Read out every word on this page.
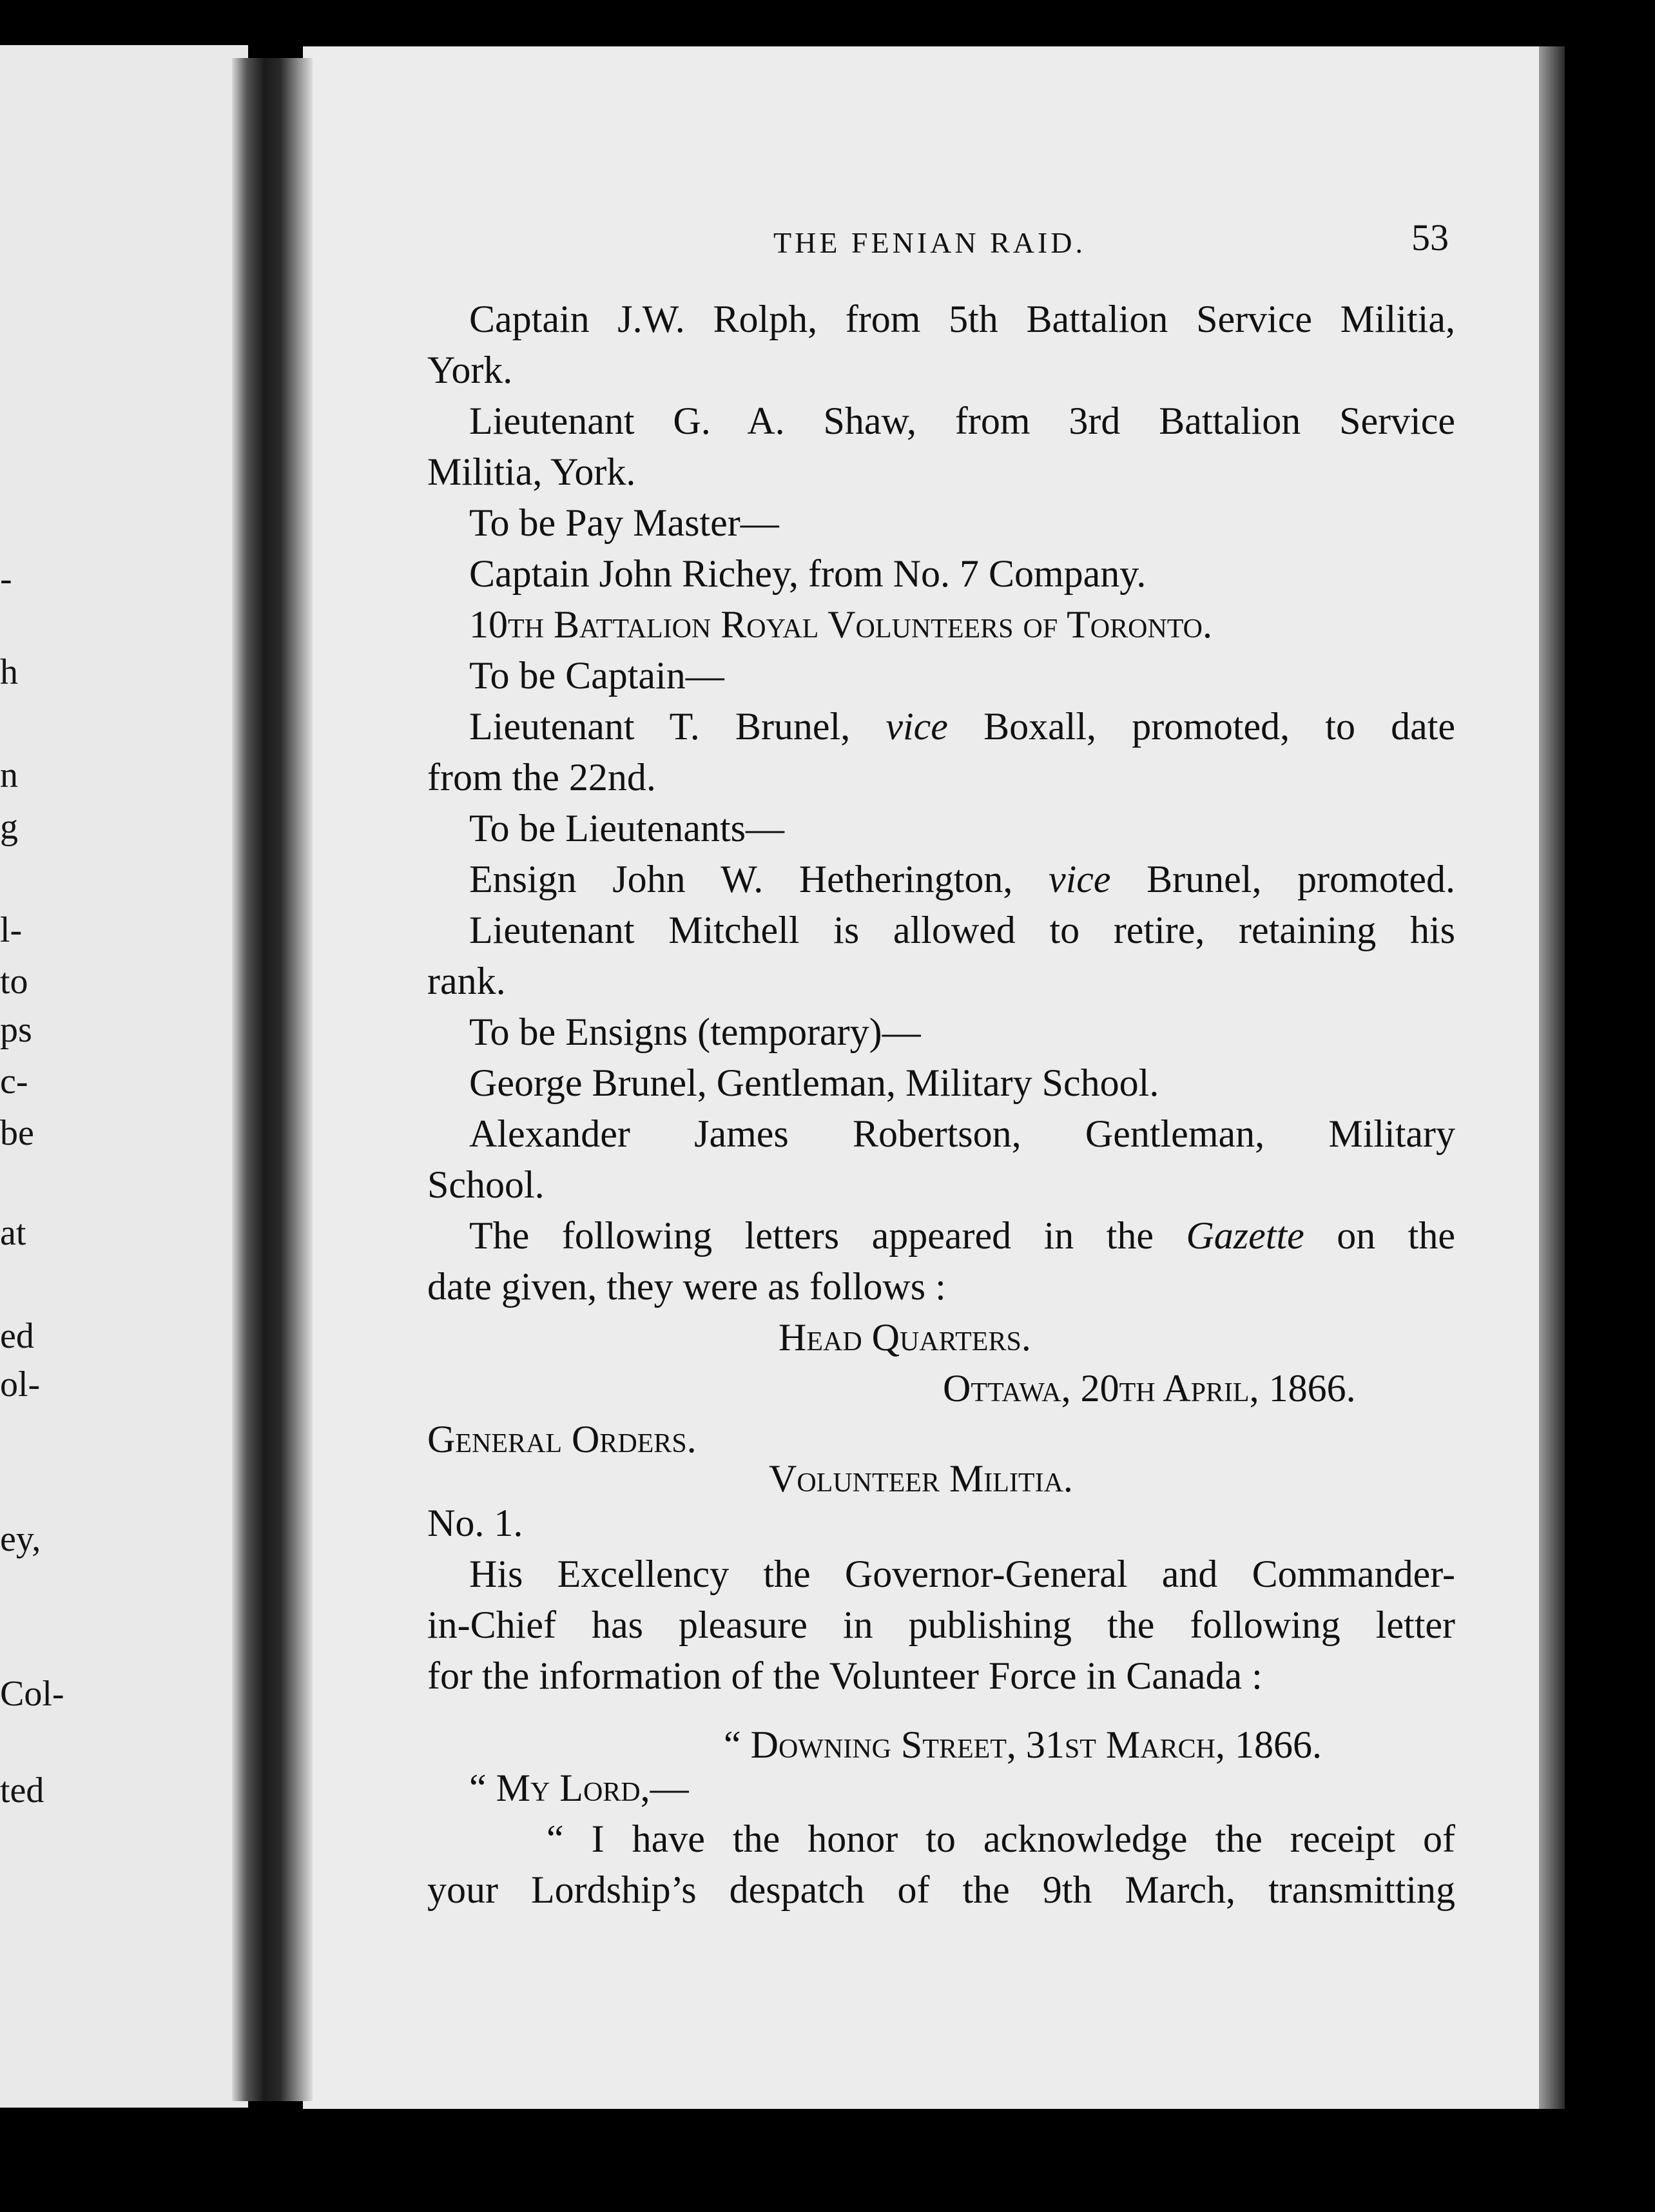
-
h
n
g
l-
to
ps
c-
be
at
ed
ol-
ey,
Col-
ted
THE FENIAN RAID.	53
Captain J.W. Rolph, from 5th Battalion Service Militia,
York.
Lieutenant G. A. Shaw, from 3rd Battalion Service
Militia, York.
To be Pay Master—
Captain John Richey, from No. 7 Company.
10th Battalion Royal Volunteers of Toronto.
To be Captain—
Lieutenant T. Brunel, vice Boxall, promoted, to date
from the 22nd.
To be Lieutenants—
Ensign John W. Hetherington, vice Brunel, promoted.
Lieutenant Mitchell is allowed to retire, retaining his
rank.
To be Ensigns (temporary)—
George Brunel, Gentleman, Military School.
Alexander James Robertson, Gentleman, Military
School.
The following letters appeared in the Gazette on the
date given, they were as follows :
Head Quarters.
Ottawa, 20th April, 1866.
General Orders.
Volunteer Militia.
No. 1.
His Excellency the Governor-General and Commander-
in-Chief has pleasure in publishing the following letter
for the information of the Volunteer Force in Canada :
“ Downing Street, 31st March, 1866.
“ My Lord,—
“ I have the honor to acknowledge the receipt of
your Lordship’s despatch of the 9th March, transmitting
